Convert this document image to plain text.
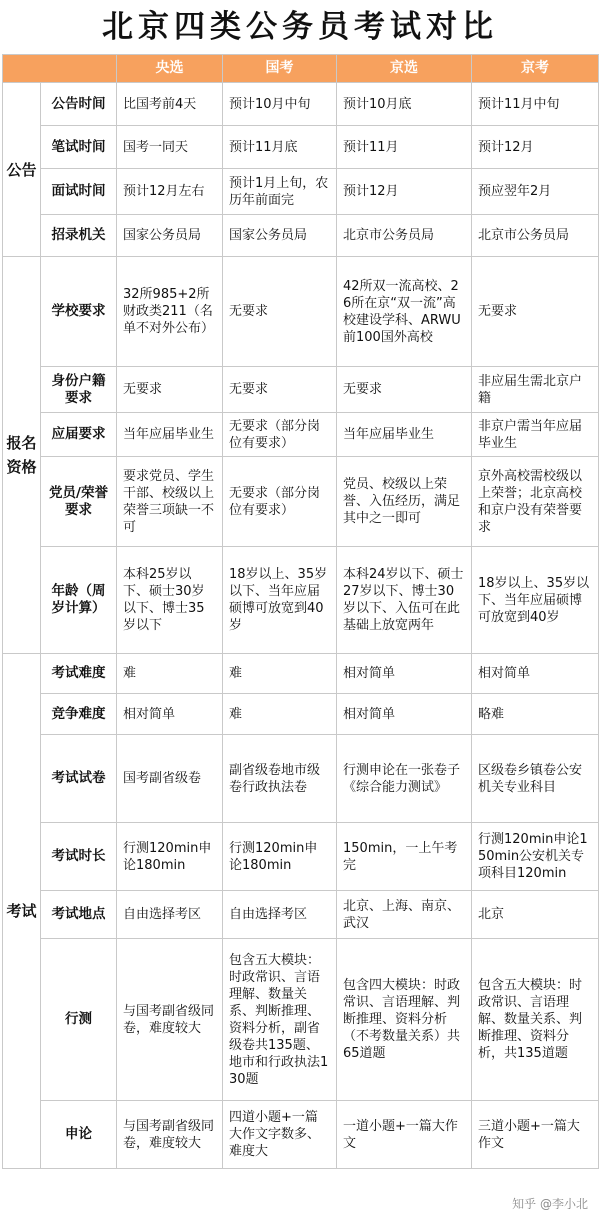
北京四类公务员考试对比
		央选	国考	京选	京考
公告	公告时间	比国考前4天	预计10月中旬	预计10月底	预计11月中旬
	笔试时间	国考一同天	预计11月底	预计11月	预计12月
	面试时间	预计12月左右	预计1月上旬，农历年前面完	预计12月	预应翌年2月
	招录机关	国家公务员局	国家公务员局	北京市公务员局	北京市公务员局
报名资格	学校要求	32所985+2所财政类211（名单不对外公布）	无要求	42所双一流高校、26所在京“双一流”高校建设学科、ARWU前100国外高校	无要求
	身份户籍要求	无要求	无要求	无要求	非应届生需北京户籍
	应届要求	当年应届毕业生	无要求（部分岗位有要求）	当年应届毕业生	非京户需当年应届毕业生
	党员/荣誉要求	要求党员、学生干部、校级以上荣誉三项缺一不可	无要求（部分岗位有要求）	党员、校级以上荣誉、入伍经历，满足其中之一即可	京外高校需校级以上荣誉；北京高校和京户没有荣誉要求
	年龄（周岁计算）	本科25岁以下、硕士30岁以下、博士35岁以下	18岁以上、35岁以下、当年应届硕博可放宽到40岁	本科24岁以下、硕士27岁以下、博士30岁以下、入伍可在此基础上放宽两年	18岁以上、35岁以下、当年应届硕博可放宽到40岁
考试	考试难度	难	难	相对简单	相对简单
	竞争难度	相对简单	难	相对简单	略难
	考试试卷	国考副省级卷	副省级卷地市级卷行政执法卷	行测申论在一张卷子《综合能力测试》	区级卷乡镇卷公安机关专业科目
	考试时长	行测120min申论180min	行测120min申论180min	150min，一上午考完	行测120min申论150min公安机关专项科目120min
	考试地点	自由选择考区	自由选择考区	北京、上海、南京、武汉	北京
	行测	与国考副省级同卷，难度较大	包含五大模块：时政常识、言语理解、数量关系、判断推理、资料分析，副省级卷共135题、地市和行政执法130题	包含四大模块：时政常识、言语理解、判断推理、资料分析（不考数量关系）共65道题	包含五大模块：时政常识、言语理解、数量关系、判断推理、资料分析，共135道题
	申论	与国考副省级同卷，难度较大	四道小题+一篇大作文字数多、难度大	一道小题+一篇大作文	三道小题+一篇大作文
知乎 @李小北
